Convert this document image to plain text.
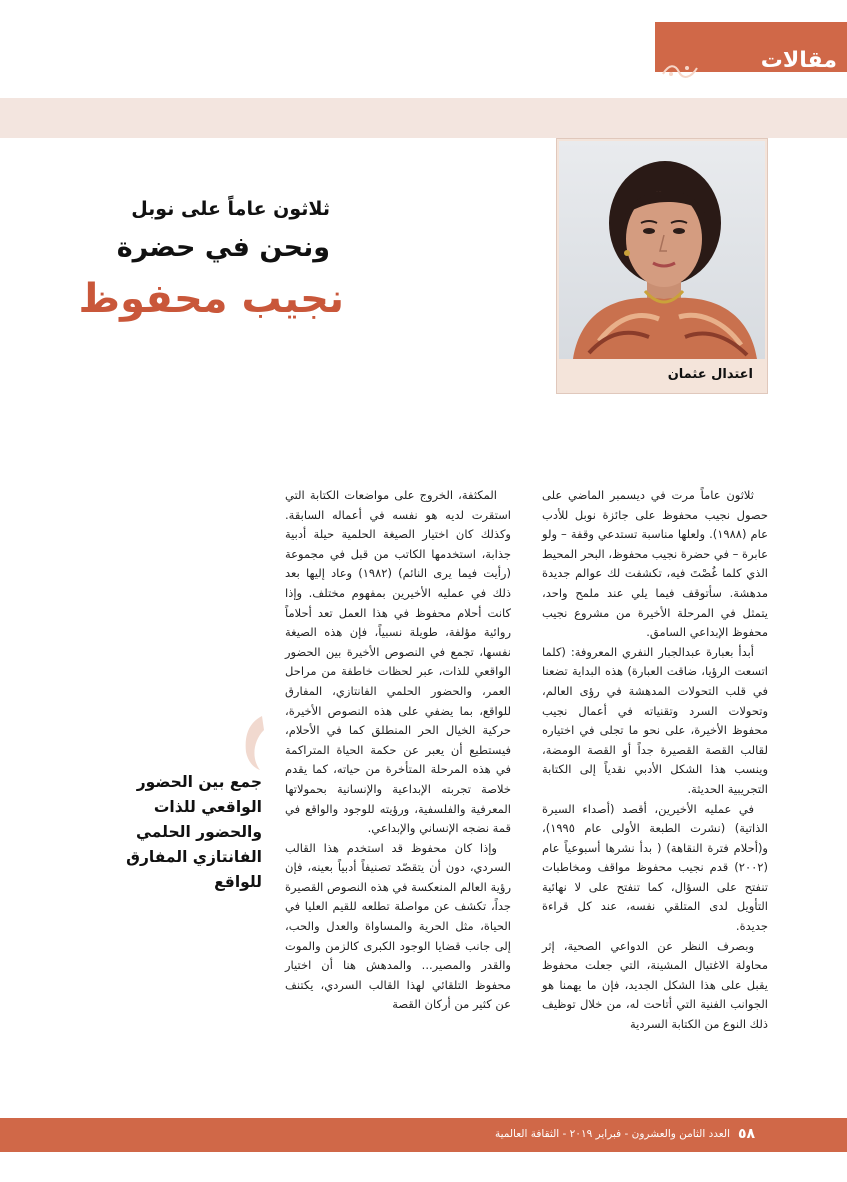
مقالات
اعتدال عثمان
ثلاثون عاماً على نوبل
ونحن في حضرة
نجيب محفوظ

ثلاثون عاماً مرت في ديسمبر الماضي على حصول نجيب محفوظ على جائزة نوبل للأدب عام (١٩٨٨). ولعلها مناسبة تستدعي وقفة – ولو عابرة – في حضرة نجيب محفوظ، البحر المحيط الذي كلما غُصْتَ فيه، تكشفت لك عوالم جديدة مدهشة. سأتوقف فيما يلي عند ملمح واحد، يتمثل في المرحلة الأخيرة من مشروع نجيب محفوظ الإبداعي السامق.

أبدأ بعبارة عبدالجبار النفري المعروفة: (كلما اتسعت الرؤيا، ضاقت العبارة) هذه البداية تضعنا في قلب التحولات المدهشة في رؤى العالم، وتحولات السرد وتقنياته في أعمال نجيب محفوظ الأخيرة، على نحو ما تجلى في اختياره لقالب القصة القصيرة جداً أو القصة الومضة، وينسب هذا الشكل الأدبي نقدياً إلى الكتابة التجريبية الحديثة.

في عمليه الأخيرين، أقصد (أصداء السيرة الذاتية) (نشرت الطبعة الأولى عام ١٩٩٥)، و(أحلام فترة النقاهة) ( بدأ نشرها أسبوعياً عام (٢٠٠٢) قدم نجيب محفوظ مواقف ومخاطبات تنفتح على السؤال، كما تنفتح على لا نهائية التأويل لدى المتلقي نفسه، عند كل قراءة جديدة.

وبصرف النظر عن الدواعي الصحية، إثر محاولة الاغتيال المشينة، التي جعلت محفوظ يقبل على هذا الشكل الجديد، فإن ما يهمنا هو الجوانب الفنية التي أتاحت له، من خلال توظيف ذلك النوع من الكتابة السردية

المكثفة، الخروج على مواضعات الكتابة التي استقرت لديه هو نفسه في أعماله السابقة. وكذلك كان اختيار الصيغة الحلمية حيلة أدبية جذابة، استخدمها الكاتب من قبل في مجموعة (رأيت فيما يرى النائم) (١٩٨٢) وعاد إليها بعد ذلك في عمليه الأخيرين بمفهوم مختلف. وإذا كانت أحلام محفوظ في هذا العمل تعد أحلاماً روائية مؤلفة، طويلة نسبياً، فإن هذه الصيغة نفسها، تجمع في النصوص الأخيرة بين الحضور الواقعي للذات، عبر لحظات خاطفة من مراحل العمر، والحضور الحلمي الفانتازي، المفارق للواقع، بما يضفي على هذه النصوص الأخيرة، حركية الخيال الحر المنطلق كما في الأحلام، فيستطيع أن يعبر عن حكمة الحياة المتراكمة في هذه المرحلة المتأخرة من حياته، كما يقدم خلاصة تجربته الإبداعية والإنسانية بحمولاتها المعرفية والفلسفية، ورؤيته للوجود والواقع في قمة نضجه الإنساني والإبداعي.

وإذا كان محفوظ قد استخدم هذا القالب السردي، دون أن يتقصّد تصنيفاً أدبياً بعينه، فإن رؤية العالم المنعكسة في هذه النصوص القصيرة جداً، تكشف عن مواصلة تطلعه للقيم العليا في الحياة، مثل الحرية والمساواة والعدل والحب، إلى جانب قضايا الوجود الكبرى كالزمن والموت والقدر والمصير... والمدهش هنا أن اختيار محفوظ التلقائي لهذا القالب السردي، يكتنف عن كثير من أركان القصة

جمع بين الحضور الواقعي للذات والحضور الحلمي الفانتازي المفارق للواقع
العدد الثامن والعشرون - فبراير ٢٠١٩ - الثقافة العالمية ٥٨
